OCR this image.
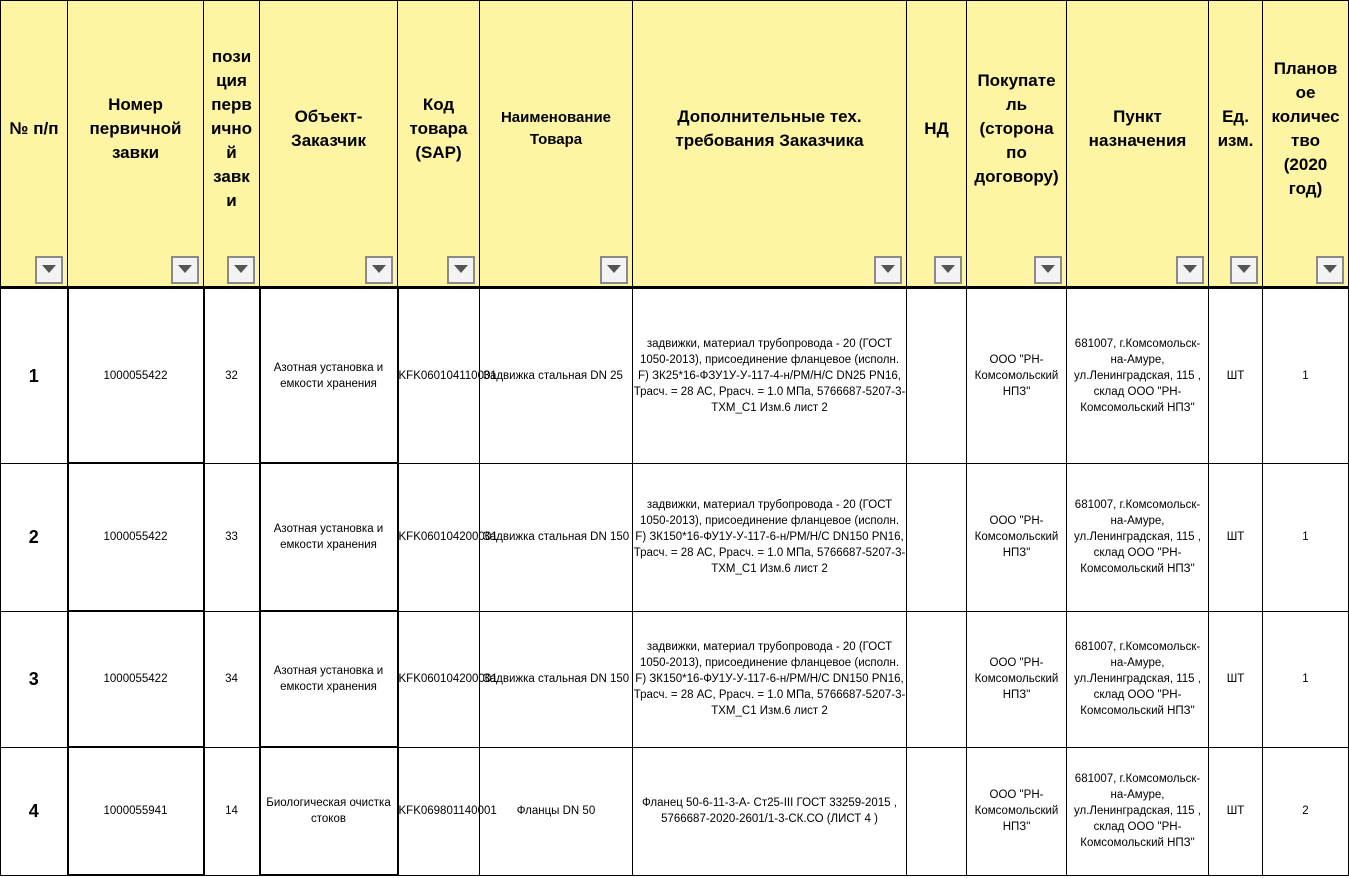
№ п/п	Номер первичной завки	пози ция перв ично й завк и	Объект- Заказчик	Код товара (SAP)	Наименование Товара	Дополнительные тех. требования Заказчика	НД	Покупате ль (сторона по договору)	Пункт назначения	Ед. изм.	Планов ое количес тво (2020 год)

1	1000055422	32	Азотная установка и емкости хранения	KFK060104110001	Задвижка стальная DN 25	задвижки, материал трубопровода - 20 (ГОСТ 1050-2013), присоединение фланцевое (исполн. F) ЗК25*16-ФЗУ1У-У-117-4-н/РМ/Н/С DN25 PN16, Трасч. = 28 АС, Ррасч. = 1.0 МПа, 5766687-5207-3-ТХМ_С1 Изм.6 лист 2		ООО "РН-Комсомольский НПЗ"	681007, г.Комсомольск-на-Амуре, ул.Ленинградская, 115 , склад ООО "РН-Комсомольский НПЗ"	ШТ	1
2	1000055422	33	Азотная установка и емкости хранения	KFK060104200001	Задвижка стальная DN 150	задвижки, материал трубопровода - 20 (ГОСТ 1050-2013), присоединение фланцевое (исполн. F) ЗК150*16-ФУ1У-У-117-6-н/РМ/Н/С DN150 PN16, Трасч. = 28 АС, Ррасч. = 1.0 МПа, 5766687-5207-3-ТХМ_С1 Изм.6 лист 2		ООО "РН-Комсомольский НПЗ"	681007, г.Комсомольск-на-Амуре, ул.Ленинградская, 115 , склад ООО "РН-Комсомольский НПЗ"	ШТ	1
3	1000055422	34	Азотная установка и емкости хранения	KFK060104200001	Задвижка стальная DN 150	задвижки, материал трубопровода - 20 (ГОСТ 1050-2013), присоединение фланцевое (исполн. F) ЗК150*16-ФУ1У-У-117-6-н/РМ/Н/С DN150 PN16, Трасч. = 28 АС, Ррасч. = 1.0 МПа, 5766687-5207-3-ТХМ_С1 Изм.6 лист 2		ООО "РН-Комсомольский НПЗ"	681007, г.Комсомольск-на-Амуре, ул.Ленинградская, 115 , склад ООО "РН-Комсомольский НПЗ"	ШТ	1
4	1000055941	14	Биологическая очистка стоков	KFK069801140001	Фланцы DN 50	Фланец 50-6-11-3-А- Ст25-III ГОСТ 33259-2015 , 5766687-2020-2601/1-3-СК.СО (ЛИСТ 4 )		ООО "РН-Комсомольский НПЗ"	681007, г.Комсомольск-на-Амуре, ул.Ленинградская, 115 , склад ООО "РН-Комсомольский НПЗ"	ШТ	2
